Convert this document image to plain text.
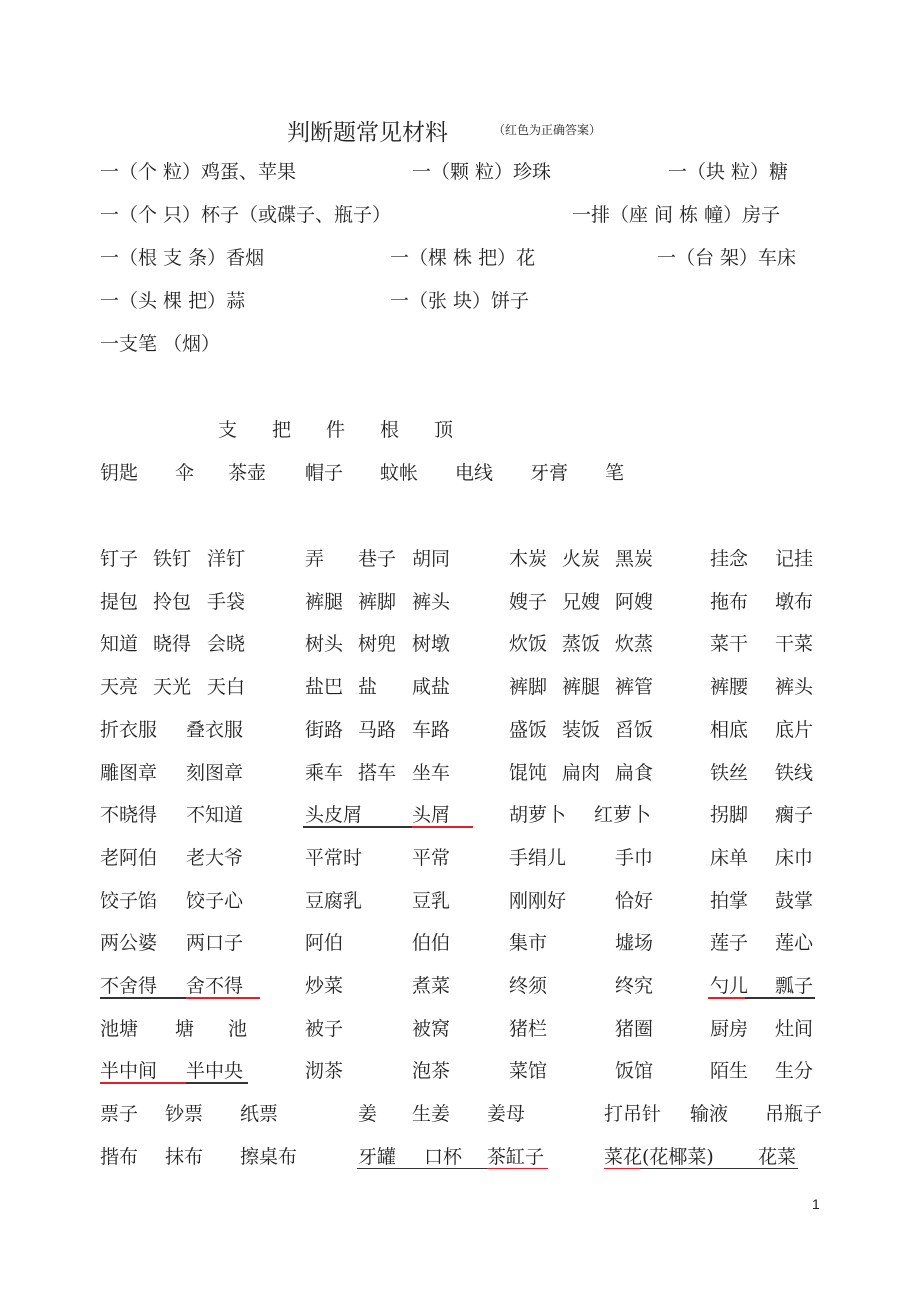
判断题常见材料	（红色为正确答案）
一（个 粒）鸡蛋、苹果	一（颗 粒）珍珠	一（块 粒）糖
一（个 只）杯子（或碟子、瓶子）	一排（座 间 栋 幢）房子
一（根 支 条）香烟	一（棵 株 把）花	一（台 架）车床
一（头 棵 把）蒜	一（张 块）饼子
一支笔 （烟）
支 把 件 根 顶
钥匙 伞 茶壶 帽子 蚊帐 电线 牙膏 笔
钉子 铁钉 洋钉	弄 巷子 胡同	木炭 火炭 黑炭	挂念 记挂
提包 拎包 手袋	裤腿 裤脚 裤头	嫂子 兄嫂 阿嫂	拖布 墩布
知道 晓得 会晓	树头 树兜 树墩	炊饭 蒸饭 炊蒸	菜干 干菜
天亮 天光 天白	盐巴 盐 咸盐	裤脚 裤腿 裤管	裤腰 裤头
折衣服 叠衣服	街路 马路 车路	盛饭 装饭 舀饭	相底 底片
雕图章 刻图章	乘车 搭车 坐车	馄饨 扁肉 扁食	铁丝 铁线
不晓得 不知道	头皮屑	头屑	胡萝卜 红萝卜	拐脚 瘸子
老阿伯 老大爷	平常时	平常	手绢儿	手巾	床单 床巾
饺子馅 饺子心	豆腐乳	豆乳	刚刚好	恰好	拍掌 鼓掌
两公婆 两口子	阿伯	伯伯	集市	墟场	莲子 莲心
不舍得 舍不得	炒菜	煮菜	终须	终究	勺儿 瓢子
池塘 塘 池	被子	被窝	猪栏	猪圈	厨房 灶间
半中间 半中央	沏茶	泡茶	菜馆	饭馆	陌生 生分
票子 钞票 纸票	姜 生姜 姜母	打吊针 输液 吊瓶子
揩布 抹布 擦桌布	牙罐 口杯 茶缸子	菜花(花椰菜) 花菜
1
